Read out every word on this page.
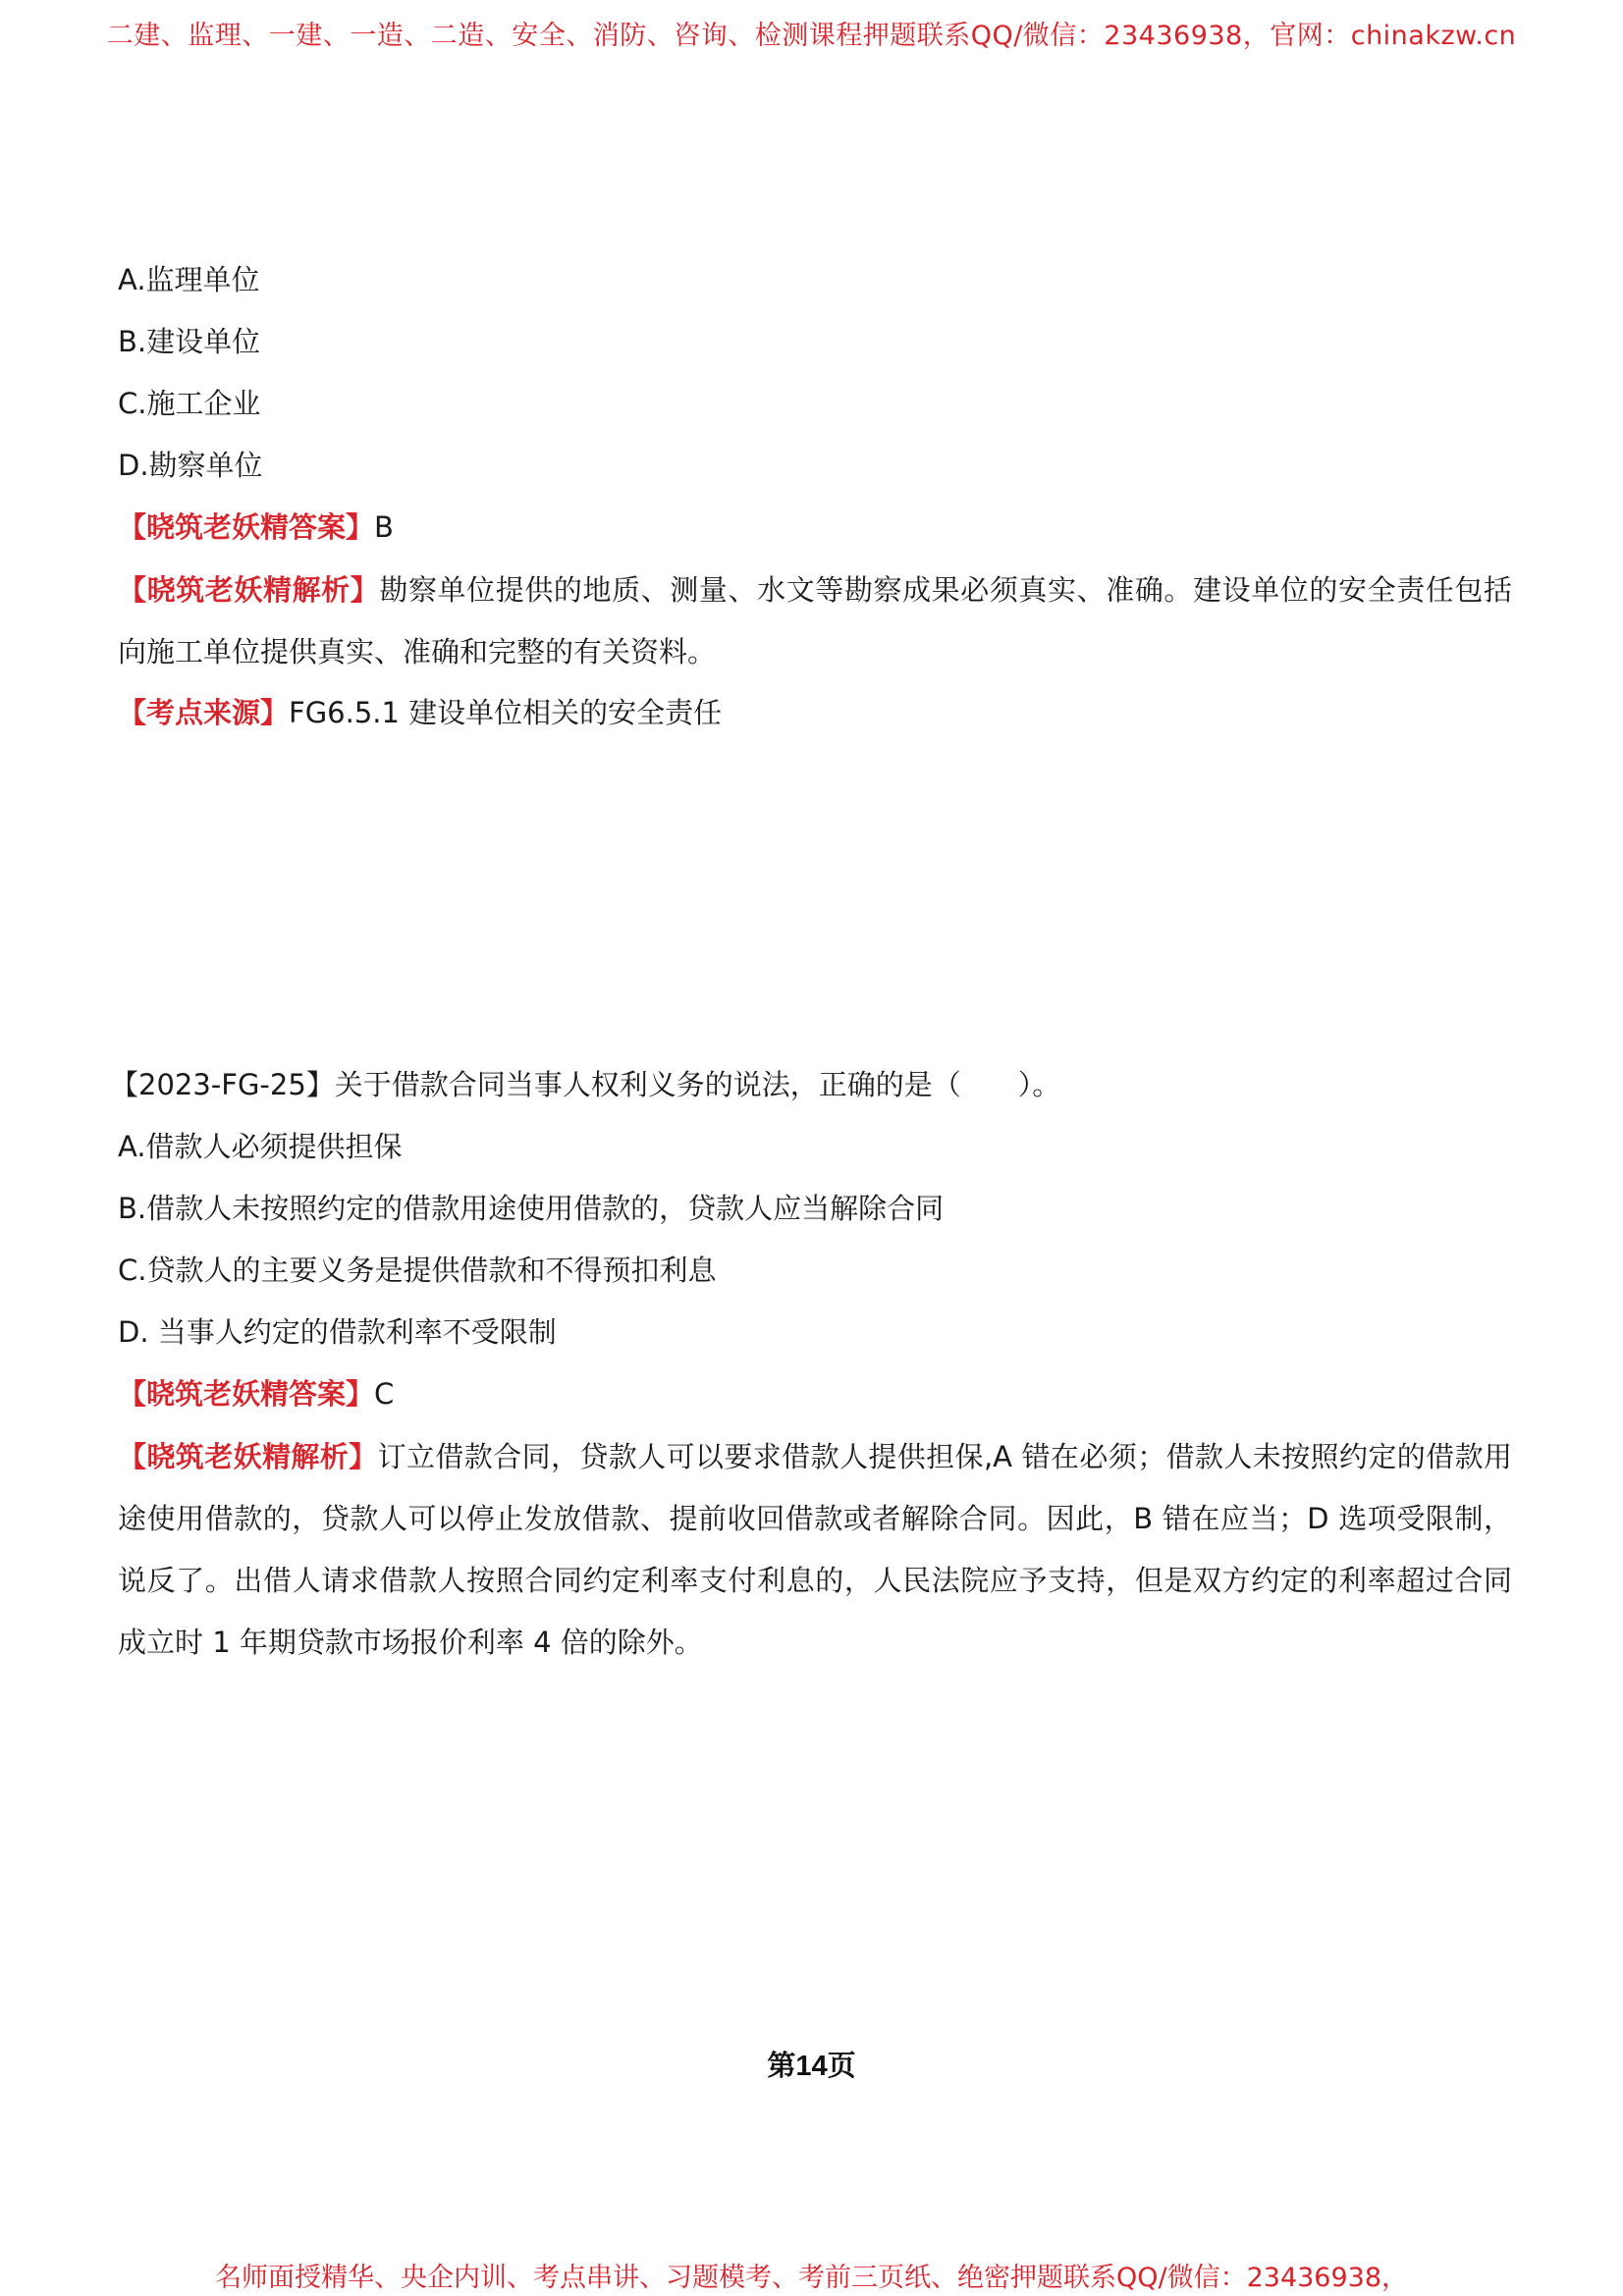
二建、监理、一建、一造、二造、安全、消防、咨询、检测课程押题联系QQ/微信：23436938，官网：chinakzw.cn
A.监理单位
B.建设单位
C.施工企业
D.勘察单位
【晓筑老妖精答案】B
【晓筑老妖精解析】勘察单位提供的地质、测量、水文等勘察成果必须真实、准确。建设单位的安全责任包括向施工单位提供真实、准确和完整的有关资料。
【考点来源】FG6.5.1 建设单位相关的安全责任
【2023-FG-25】关于借款合同当事人权利义务的说法，正确的是（　　）。
A.借款人必须提供担保
B.借款人未按照约定的借款用途使用借款的，贷款人应当解除合同
C.贷款人的主要义务是提供借款和不得预扣利息
D. 当事人约定的借款利率不受限制
【晓筑老妖精答案】C
【晓筑老妖精解析】订立借款合同，贷款人可以要求借款人提供担保,A 错在必须；借款人未按照约定的借款用途使用借款的，贷款人可以停止发放借款、提前收回借款或者解除合同。因此，B 错在应当；D 选项受限制，说反了。出借人请求借款人按照合同约定利率支付利息的，人民法院应予支持，但是双方约定的利率超过合同成立时 1 年期贷款市场报价利率 4 倍的除外。
第14页
名师面授精华、央企内训、考点串讲、习题模考、考前三页纸、绝密押题联系QQ/微信：23436938，
